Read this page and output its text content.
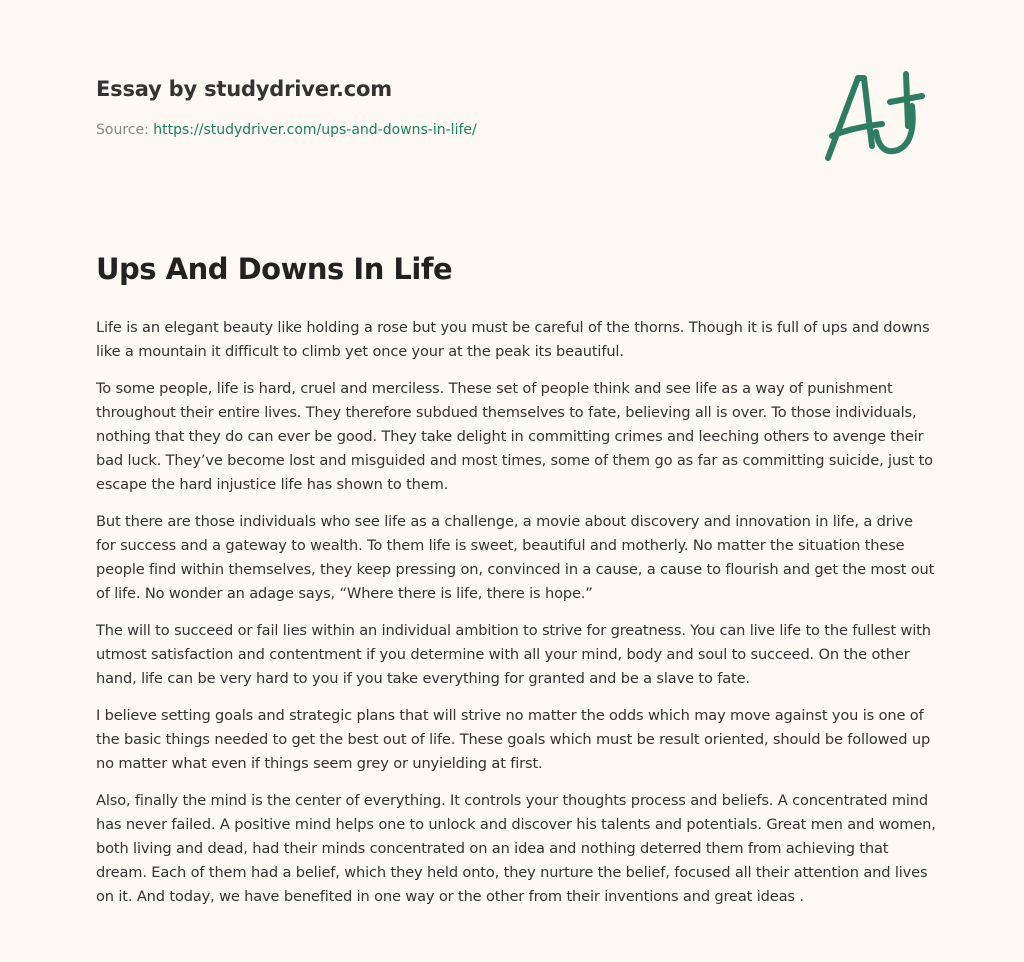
Essay by studydriver.com
Source: https://studydriver.com/ups-and-downs-in-life/
Ups And Downs In Life

Life is an elegant beauty like holding a rose but you must be careful of the thorns. Though it is full of ups and downs like a mountain it difficult to climb yet once your at the peak its beautiful.

To some people, life is hard, cruel and merciless. These set of people think and see life as a way of punishment throughout their entire lives. They therefore subdued themselves to fate, believing all is over. To those individuals, nothing that they do can ever be good. They take delight in committing crimes and leeching others to avenge their bad luck. They’ve become lost and misguided and most times, some of them go as far as committing suicide, just to escape the hard injustice life has shown to them.

But there are those individuals who see life as a challenge, a movie about discovery and innovation in life, a drive for success and a gateway to wealth. To them life is sweet, beautiful and motherly. No matter the situation these people find within themselves, they keep pressing on, convinced in a cause, a cause to flourish and get the most out of life. No wonder an adage says, “Where there is life, there is hope.”

The will to succeed or fail lies within an individual ambition to strive for greatness. You can live life to the fullest with utmost satisfaction and contentment if you determine with all your mind, body and soul to succeed. On the other hand, life can be very hard to you if you take everything for granted and be a slave to fate.

I believe setting goals and strategic plans that will strive no matter the odds which may move against you is one of the basic things needed to get the best out of life. These goals which must be result oriented, should be followed up no matter what even if things seem grey or unyielding at first.

Also, finally the mind is the center of everything. It controls your thoughts process and beliefs. A concentrated mind has never failed. A positive mind helps one to unlock and discover his talents and potentials. Great men and women, both living and dead, had their minds concentrated on an idea and nothing deterred them from achieving that dream. Each of them had a belief, which they held onto, they nurture the belief, focused all their attention and lives on it. And today, we have benefited in one way or the other from their inventions and great ideas .
